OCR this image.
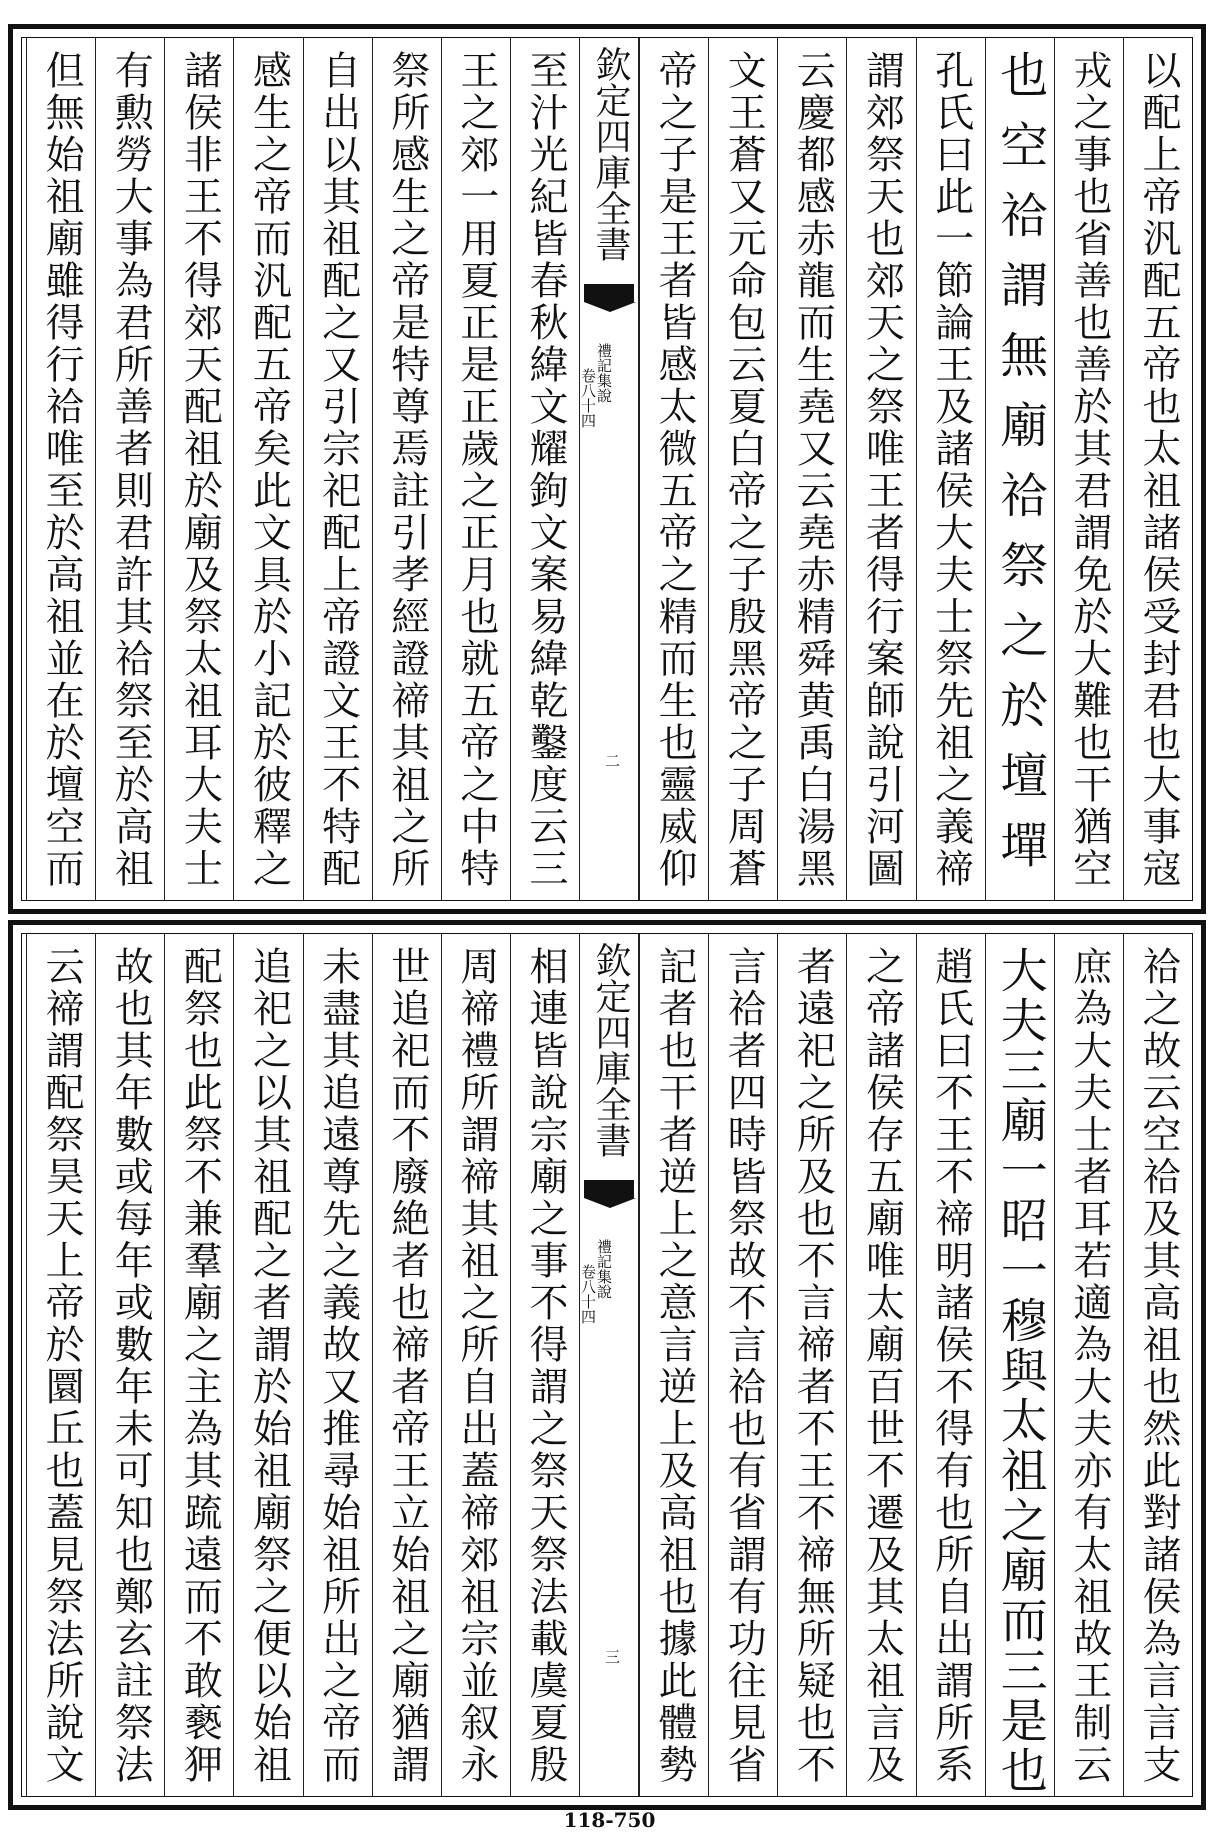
以配上帝汎配五帝也太祖諸侯受封君也大事寇
戎之事也省善也善於其君謂免於大難也干猶空
也空祫謂無廟祫祭之於壇墠
孔氏曰此一節論王及諸侯大夫士祭先祖之義禘
謂郊祭天也郊天之祭唯王者得行案師說引河圖
云慶都感赤龍而生堯又云堯赤精舜黄禹白湯黑
文王蒼又元命包云夏白帝之子殷黑帝之子周蒼
帝之子是王者皆感太微五帝之精而生也靈威仰
至汁光紀皆春秋緯文耀鉤文案易緯乾鑿度云三
王之郊一用夏正是正歲之正月也就五帝之中特
祭所感生之帝是特尊焉註引孝經證禘其祖之所
自出以其祖配之又引宗祀配上帝證文王不特配
感生之帝而汎配五帝矣此文具於小記於彼釋之
諸侯非王不得郊天配祖於廟及祭太祖耳大夫士
有勲勞大事為君所善者則君許其祫祭至於高祖
但無始祖廟雖得行祫唯至於高祖並在於壇空而	欽定四庫全書
禮記集說
卷八十四
二
祫之故云空祫及其高祖也然此對諸侯為言言支
庶為大夫士者耳若適為大夫亦有太祖故王制云
大夫三廟一昭一穆與太祖之廟而三是也
趙氏曰不王不禘明諸侯不得有也所自出謂所系
之帝諸侯存五廟唯太廟百世不遷及其太祖言及
者遠祀之所及也不言禘者不王不禘無所疑也不
言祫者四時皆祭故不言祫也有省謂有功往見省
記者也干者逆上之意言逆上及高祖也據此體勢
相連皆說宗廟之事不得謂之祭天祭法載虞夏殷
周禘禮所謂禘其祖之所自出蓋禘郊祖宗並叙永
世追祀而不廢絶者也禘者帝王立始祖之廟猶謂
未盡其追遠尊先之義故又推尋始祖所出之帝而
追祀之以其祖配之者謂於始祖廟祭之便以始祖
配祭也此祭不兼羣廟之主為其䟽遠而不敢褻狎
故也其年數或每年或數年未可知也鄭玄註祭法
云禘謂配祭昊天上帝於圜丘也蓋見祭法所說文	欽定四庫全書
禮記集說
卷八十四
三
118-750
